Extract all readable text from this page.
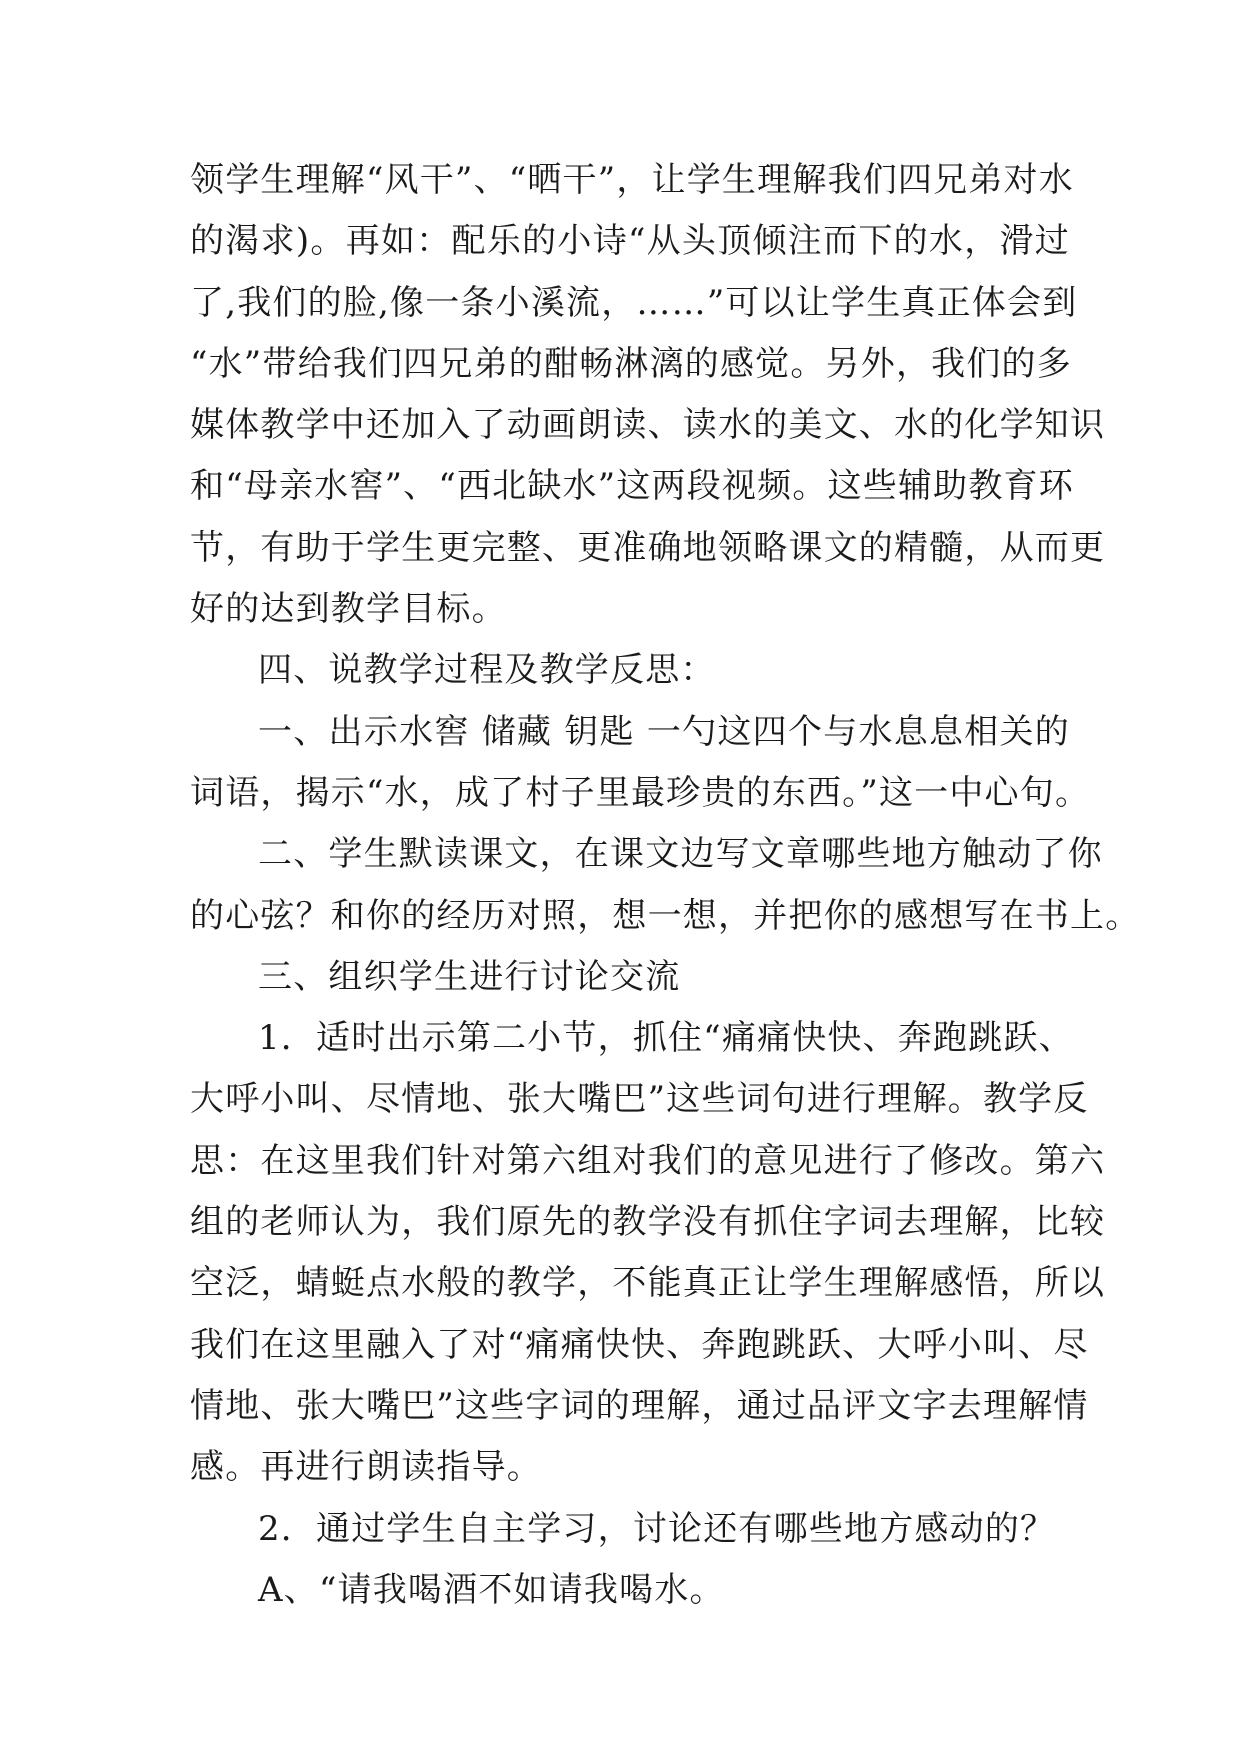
领学生理解“风干”、“晒干”，让学生理解我们四兄弟对水
的渴求)。再如：配乐的小诗“从头顶倾注而下的水，滑过
了,我们的脸,像一条小溪流，……”可以让学生真正体会到
“水”带给我们四兄弟的酣畅淋漓的感觉。另外，我们的多
媒体教学中还加入了动画朗读、读水的美文、水的化学知识
和“母亲水窖”、“西北缺水”这两段视频。这些辅助教育环
节，有助于学生更完整、更准确地领略课文的精髓，从而更
好的达到教学目标。
四、说教学过程及教学反思：
一、出示水窖 储藏 钥匙 一勺这四个与水息息相关的
词语，揭示“水，成了村子里最珍贵的东西。”这一中心句。
二、学生默读课文，在课文边写文章哪些地方触动了你
的心弦？和你的经历对照，想一想，并把你的感想写在书上。
三、组织学生进行讨论交流
1．适时出示第二小节，抓住“痛痛快快、奔跑跳跃、
大呼小叫、尽情地、张大嘴巴”这些词句进行理解。教学反
思：在这里我们针对第六组对我们的意见进行了修改。第六
组的老师认为，我们原先的教学没有抓住字词去理解，比较
空泛，蜻蜓点水般的教学，不能真正让学生理解感悟，所以
我们在这里融入了对“痛痛快快、奔跑跳跃、大呼小叫、尽
情地、张大嘴巴”这些字词的理解，通过品评文字去理解情
感。再进行朗读指导。
2．通过学生自主学习，讨论还有哪些地方感动的？
A、“请我喝酒不如请我喝水。
